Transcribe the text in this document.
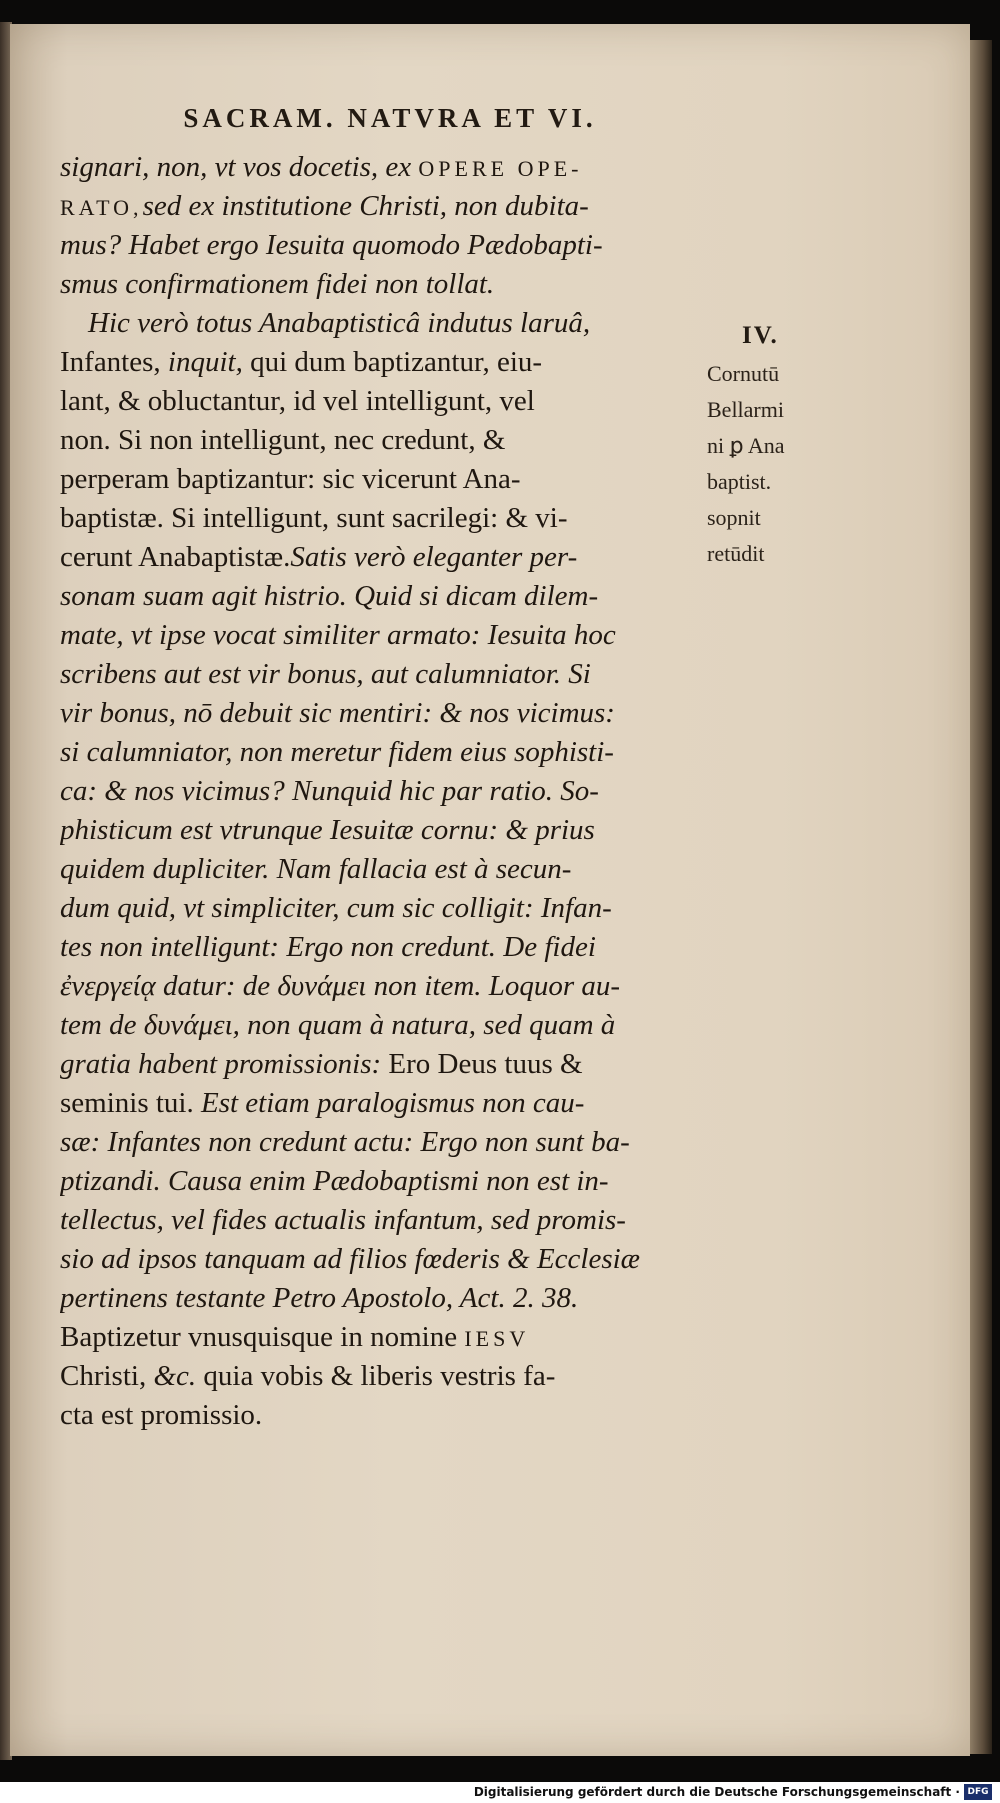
SACRAM. NATVRA ET VI.
signari, non, vt vos docetis, ex OPERE OPE-
RATO,sed ex institutione Christi, non dubita-
mus? Habet ergo Iesuita quomodo Pædobapti-
smus confirmationem fidei non tollat.
Hic verò totus Anabaptisticâ indutus laruâ,
Infantes, inquit, qui dum baptizantur, eiu-
lant, & obluctantur, id vel intelligunt, vel
non. Si non intelligunt, nec credunt, &
perperam baptizantur: sic vicerunt Ana-
baptistæ. Si intelligunt, sunt sacrilegi: & vi-
cerunt Anabaptistæ.Satis verò eleganter per-
sonam suam agit histrio. Quid si dicam dilem-
mate, vt ipse vocat similiter armato: Iesuita hoc
scribens aut est vir bonus, aut calumniator. Si
vir bonus, nō debuit sic mentiri: & nos vicimus:
si calumniator, non meretur fidem eius sophisti-
ca: & nos vicimus? Nunquid hic par ratio. So-
phisticum est vtrunque Iesuitæ cornu: & prius
quidem dupliciter. Nam fallacia est à secun-
dum quid, vt simpliciter, cum sic colligit: Infan-
tes non intelligunt: Ergo non credunt. De fidei
ἐνεργείᾳ datur: de δυνάμει non item. Loquor au-
tem de δυνάμει, non quam à natura, sed quam à
gratia habent promissionis: Ero Deus tuus &
seminis tui. Est etiam paralogismus non cau-
sæ: Infantes non credunt actu: Ergo non sunt ba-
ptizandi. Causa enim Pædobaptismi non est in-
tellectus, vel fides actualis infantum, sed promis-
sio ad ipsos tanquam ad filios fœderis & Ecclesiæ
pertinens testante Petro Apostolo, Act. 2. 38.
Baptizetur vnusquisque in nomine IESV
Christi, &c. quia vobis & liberis vestris fa-
cta est promissio.
IV.
Cornutū
Bellarmi
ni ꝑ Ana
baptist.
sopnit
retūdit
Digitalisierung gefördert durch die Deutsche Forschungsgemeinschaft · DFG
